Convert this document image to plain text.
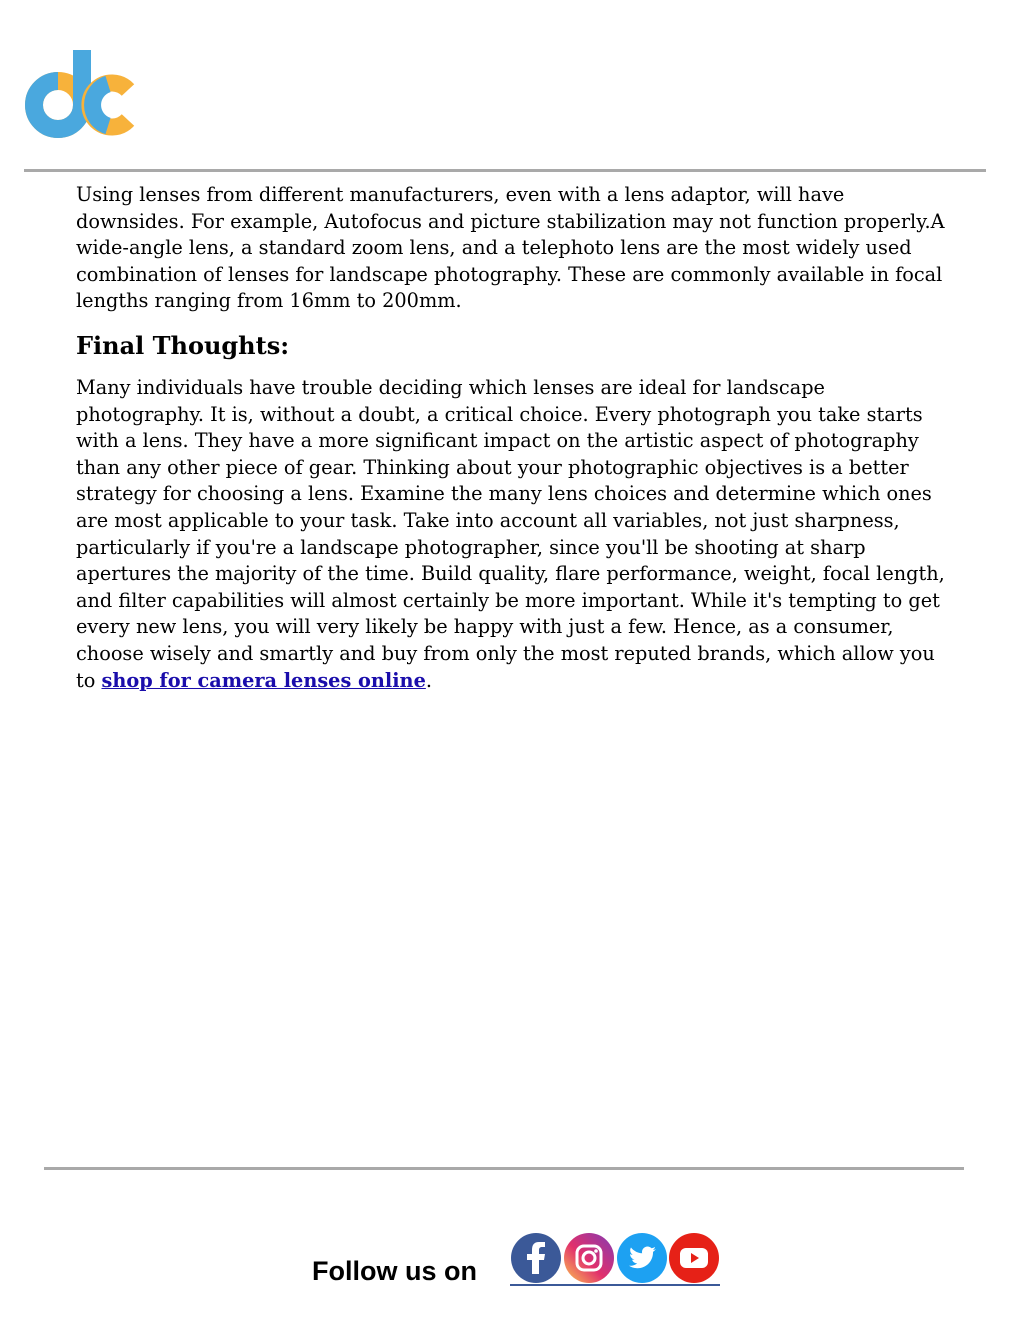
Using lenses from different manufacturers, even with a lens adaptor, will have
downsides. For example, Autofocus and picture stabilization may not function properly.A
wide-angle lens, a standard zoom lens, and a telephoto lens are the most widely used
combination of lenses for landscape photography. These are commonly available in focal
lengths ranging from 16mm to 200mm.

Final Thoughts:

Many individuals have trouble deciding which lenses are ideal for landscape
photography. It is, without a doubt, a critical choice. Every photograph you take starts
with a lens. They have a more significant impact on the artistic aspect of photography
than any other piece of gear. Thinking about your photographic objectives is a better
strategy for choosing a lens. Examine the many lens choices and determine which ones
are most applicable to your task. Take into account all variables, not just sharpness,
particularly if you're a landscape photographer, since you'll be shooting at sharp
apertures the majority of the time. Build quality, flare performance, weight, focal length,
and filter capabilities will almost certainly be more important. While it's tempting to get
every new lens, you will very likely be happy with just a few. Hence, as a consumer,
choose wisely and smartly and buy from only the most reputed brands, which allow you
to shop for camera lenses online.

Follow us on
